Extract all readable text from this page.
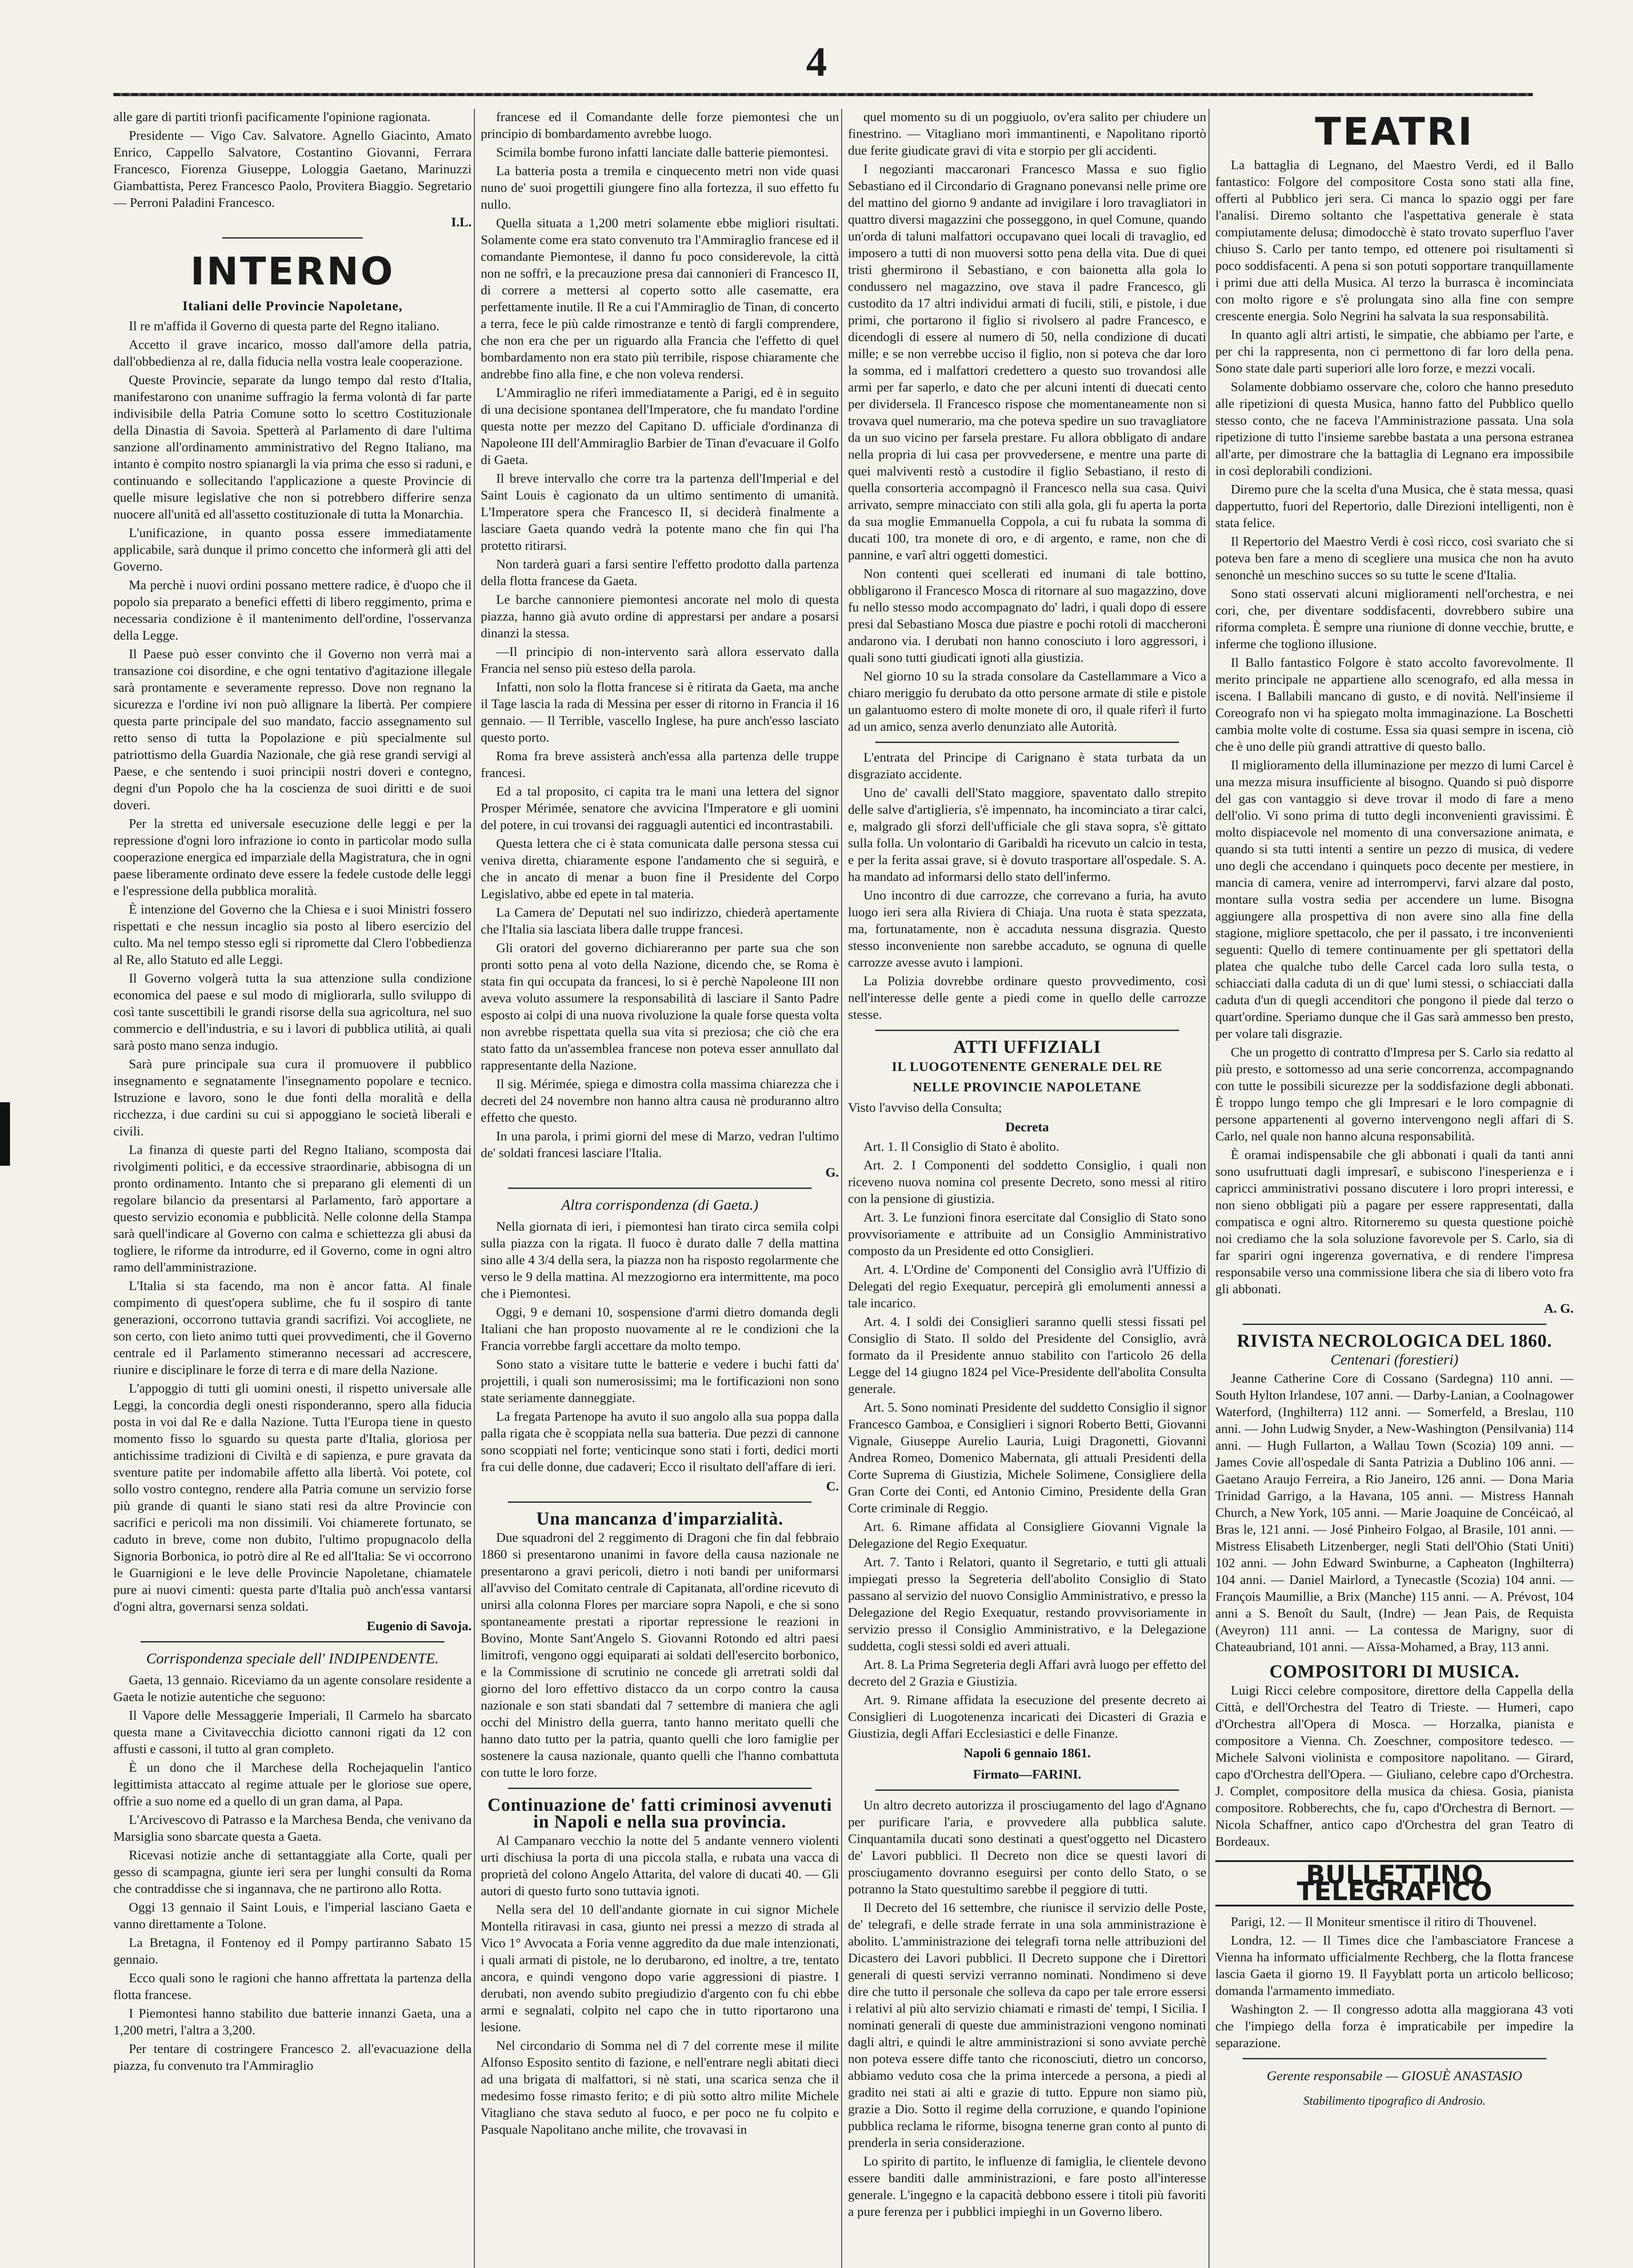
4

alle gare di partiti trionfi pacificamente l'opinione ragionata.

Presidente — Vigo Cav. Salvatore. Agnello Giacinto, Amato Enrico, Cappello Salvatore, Costantino Giovanni, Ferrara Francesco, Fiorenza Giuseppe, Lologgia Gaetano, Marinuzzi Giambattista, Perez Francesco Paolo, Provitera Biaggio. Segretario — Perroni Paladini Francesco.

I.L.
INTERNO
Italiani delle Provincie Napoletane,

Il re m'affida il Governo di questa parte del Regno italiano.

Accetto il grave incarico, mosso dall'amore della patria, dall'obbedienza al re, dalla fiducia nella vostra leale cooperazione.

Queste Provincie, separate da lungo tempo dal resto d'Italia, manifestarono con unanime suffragio la ferma volontà di far parte indivisibile della Patria Comune sotto lo scettro Costituzionale della Dinastia di Savoia. Spetterà al Parlamento di dare l'ultima sanzione all'ordinamento amministrativo del Regno Italiano, ma intanto è compito nostro spianargli la via prima che esso si raduni, e continuando e sollecitando l'applicazione a queste Provincie di quelle misure legislative che non si potrebbero differire senza nuocere all'unità ed all'assetto costituzionale di tutta la Monarchia.

L'unificazione, in quanto possa essere immediatamente applicabile, sarà dunque il primo concetto che informerà gli atti del Governo.

Ma perchè i nuovi ordini possano mettere radice, è d'uopo che il popolo sia preparato a benefici effetti di libero reggimento, prima e necessaria condizione è il mantenimento dell'ordine, l'osservanza della Legge.

Il Paese può esser convinto che il Governo non verrà mai a transazione coi disordine, e che ogni tentativo d'agitazione illegale sarà prontamente e severamente represso. Dove non regnano la sicurezza e l'ordine ivi non può allignare la libertà. Per compiere questa parte principale del suo mandato, faccio assegnamento sul retto senso di tutta la Popolazione e più specialmente sul patriottismo della Guardia Nazionale, che già rese grandi servigi al Paese, e che sentendo i suoi principii nostri doveri e contegno, degni d'un Popolo che ha la coscienza de suoi diritti e de suoi doveri.

Per la stretta ed universale esecuzione delle leggi e per la repressione d'ogni loro infrazione io conto in particolar modo sulla cooperazione energica ed imparziale della Magistratura, che in ogni paese liberamente ordinato deve essere la fedele custode delle leggi e l'espressione della pubblica moralità.

È intenzione del Governo che la Chiesa e i suoi Ministri fossero rispettati e che nessun incaglio sia posto al libero esercizio del culto. Ma nel tempo stesso egli si ripromette dal Clero l'obbedienza al Re, allo Statuto ed alle Leggi.

Il Governo volgerà tutta la sua attenzione sulla condizione economica del paese e sul modo di migliorarla, sullo sviluppo di così tante suscettibili le grandi risorse della sua agricoltura, nel suo commercio e dell'industria, e su i lavori di pubblica utilità, ai quali sarà posto mano senza indugio.

Sarà pure principale sua cura il promuovere il pubblico insegnamento e segnatamente l'insegnamento popolare e tecnico. Istruzione e lavoro, sono le due fonti della moralità e della ricchezza, i due cardini su cui si appoggiano le società liberali e civili.

La finanza di queste parti del Regno Italiano, scomposta dai rivolgimenti politici, e da eccessive straordinarie, abbisogna di un pronto ordinamento. Intanto che si preparano gli elementi di un regolare bilancio da presentarsi al Parlamento, farò apportare a questo servizio economia e pubblicità. Nelle colonne della Stampa sarà quell'indicare al Governo con calma e schiettezza gli abusi da togliere, le riforme da introdurre, ed il Governo, come in ogni altro ramo dell'amministrazione.

L'Italia si sta facendo, ma non è ancor fatta. Al finale compimento di quest'opera sublime, che fu il sospiro di tante generazioni, occorrono tuttavia grandi sacrifizi. Voi accogliete, ne son certo, con lieto animo tutti quei provvedimenti, che il Governo centrale ed il Parlamento stimeranno necessari ad accrescere, riunire e disciplinare le forze di terra e di mare della Nazione.

L'appoggio di tutti gli uomini onesti, il rispetto universale alle Leggi, la concordia degli onesti risponderanno, spero alla fiducia posta in voi dal Re e dalla Nazione. Tutta l'Europa tiene in questo momento fisso lo sguardo su questa parte d'Italia, gloriosa per antichissime tradizioni di Civiltà e di sapienza, e pure gravata da sventure patite per indomabile affetto alla libertà. Voi potete, col sollo vostro contegno, rendere alla Patria comune un servizio forse più grande di quanti le siano stati resi da altre Provincie con sacrifici e pericoli ma non dissimili. Voi chiamerete fortunato, se caduto in breve, come non dubito, l'ultimo propugnacolo della Signoria Borbonica, io potrò dire al Re ed all'Italia: Se vi occorrono le Guarnigioni e le leve delle Provincie Napoletane, chiamatele pure ai nuovi cimenti: questa parte d'Italia può anch'essa vantarsi d'ogni altra, governarsi senza soldati.

Eugenio di Savoja.
Corrispondenza speciale dell' INDIPENDENTE.

Gaeta, 13 gennaio. Riceviamo da un agente consolare residente a Gaeta le notizie autentiche che seguono:

Il Vapore delle Messaggerie Imperiali, Il Carmelo ha sbarcato questa mane a Civitavecchia diciotto cannoni rigati da 12 con affusti e cassoni, il tutto al gran completo.

È un dono che il Marchese della Rochejaquelin l'antico legittimista attaccato al regime attuale per le gloriose sue opere, offrìe a suo nome ed a quello di un gran dama, al Papa.

L'Arcivescovo di Patrasso e la Marchesa Benda, che venivano da Marsiglia sono sbarcate questa a Gaeta.

Ricevasi notizie anche di settantaggiate alla Corte, quali per gesso di scampagna, giunte ieri sera per lunghi consulti da Roma che contraddisse che si ingannava, che ne partirono allo Rotta.

Oggi 13 gennaio il Saint Louis, e l'imperial lasciano Gaeta e vanno direttamente a Tolone.

La Bretagna, il Fontenoy ed il Pompy partiranno Sabato 15 gennaio.

Ecco quali sono le ragioni che hanno affrettata la partenza della flotta francese.

I Piemontesi hanno stabilito due batterie innanzi Gaeta, una a 1,200 metri, l'altra a 3,200.

Per tentare di costringere Francesco 2. all'evacuazione della piazza, fu convenuto tra l'Ammiraglio

francese ed il Comandante delle forze piemontesi che un principio di bombardamento avrebbe luogo.

Scimila bombe furono infatti lanciate dalle batterie piemontesi.

La batteria posta a tremila e cinquecento metri non vide quasi nuno de' suoi progettili giungere fino alla fortezza, il suo effetto fu nullo.

Quella situata a 1,200 metri solamente ebbe migliori risultati. Solamente come era stato convenuto tra l'Ammiraglio francese ed il comandante Piemontese, il danno fu poco considerevole, la città non ne soffrì, e la precauzione presa dai cannonieri di Francesco II, di correre a mettersi al coperto sotto alle casematte, era perfettamente inutile. Il Re a cui l'Ammiraglio de Tinan, di concerto a terra, fece le più calde rimostranze e tentò di fargli comprendere, che non era che per un riguardo alla Francia che l'effetto di quel bombardamento non era stato più terribile, rispose chiaramente che andrebbe fino alla fine, e che non voleva rendersi.

L'Ammiraglio ne riferì immediatamente a Parigi, ed è in seguito di una decisione spontanea dell'Imperatore, che fu mandato l'ordine questa notte per mezzo del Capitano D. ufficiale d'ordinanza di Napoleone III dell'Ammiraglio Barbier de Tinan d'evacuare il Golfo di Gaeta.

Il breve intervallo che corre tra la partenza dell'Imperial e del Saint Louis è cagionato da un ultimo sentimento di umanità. L'Imperatore spera che Francesco II, si deciderà finalmente a lasciare Gaeta quando vedrà la potente mano che fin qui l'ha protetto ritirarsi.

Non tarderà guari a farsi sentire l'effetto prodotto dalla partenza della flotta francese da Gaeta.

Le barche cannoniere piemontesi ancorate nel molo di questa piazza, hanno già avuto ordine di apprestarsi per andare a posarsi dinanzi la stessa.

—Il principio di non-intervento sarà allora esservato dalla Francia nel senso più esteso della parola.

Infatti, non solo la flotta francese si è ritirata da Gaeta, ma anche il Tage lascia la rada di Messina per esser di ritorno in Francia il 16 gennaio. — Il Terrible, vascello Inglese, ha pure anch'esso lasciato questo porto.

Roma fra breve assisterà anch'essa alla partenza delle truppe francesi.

Ed a tal proposito, ci capita tra le mani una lettera del signor Prosper Mérimée, senatore che avvicina l'Imperatore e gli uomini del potere, in cui trovansi dei ragguagli autentici ed incontrastabili.

Questa lettera che ci è stata comunicata dalle persona stessa cui veniva diretta, chiaramente espone l'andamento che si seguirà, e che in ancato di menar a buon fine il Presidente del Corpo Legislativo, abbe ed epete in tal materia.

La Camera de' Deputati nel suo indirizzo, chiederà apertamente che l'Italia sia lasciata libera dalle truppe francesi.

Gli oratori del governo dichiareranno per parte sua che son pronti sotto pena al voto della Nazione, dicendo che, se Roma è stata fin qui occupata da francesi, lo si è perchè Napoleone III non aveva voluto assumere la responsabilità di lasciare il Santo Padre esposto ai colpi di una nuova rivoluzione la quale forse questa volta non avrebbe rispettata quella sua vita si preziosa; che ciò che era stato fatto da un'assemblea francese non poteva esser annullato dal rappresentante della Nazione.

Il sig. Mérimée, spiega e dimostra colla massima chiarezza che i decreti del 24 novembre non hanno altra causa nè produranno altro effetto che questo.

In una parola, i primi giorni del mese di Marzo, vedran l'ultimo de' soldati francesi lasciare l'Italia.

G.
Altra corrispondenza (di Gaeta.)

Nella giornata di ieri, i piemontesi han tirato circa semila colpi sulla piazza con la rigata. Il fuoco è durato dalle 7 della mattina sino alle 4 3/4 della sera, la piazza non ha risposto regolarmente che verso le 9 della mattina. Al mezzogiorno era intermittente, ma poco che i Piemontesi.

Oggi, 9 e demani 10, sospensione d'armi dietro domanda degli Italiani che han proposto nuovamente al re le condizioni che la Francia vorrebbe fargli accettare da molto tempo.

Sono stato a visitare tutte le batterie e vedere i buchi fatti da' projettili, i quali son numerosissimi; ma le fortificazioni non sono state seriamente danneggiate.

La fregata Partenope ha avuto il suo angolo alla sua poppa dalla palla rigata che è scoppiata nella sua batteria. Due pezzi di cannone sono scoppiati nel forte; venticinque sono stati i forti, dedici morti fra cui delle donne, due cadaveri; Ecco il risultato dell'affare di ieri.

C.
Una mancanza d'imparzialità.

Due squadroni del 2 reggimento di Dragoni che fin dal febbraio 1860 si presentarono unanimi in favore della causa nazionale ne presentarono a gravi pericoli, dietro i noti bandi per uniformarsi all'avviso del Comitato centrale di Capitanata, all'ordine ricevuto di unirsi alla colonna Flores per marciare sopra Napoli, e che si sono spontaneamente prestati a riportar repressione le reazioni in Bovino, Monte Sant'Angelo S. Giovanni Rotondo ed altri paesi limitrofi, vengono oggi equiparati ai soldati dell'esercito borbonico, e la Commissione di scrutinio ne concede gli arretrati soldi dal giorno del loro effettivo distacco da un corpo contro la causa nazionale e son stati sbandati dal 7 settembre di maniera che agli occhi del Ministro della guerra, tanto hanno meritato quelli che hanno dato tutto per la patria, quanto quelli che loro famiglie per sostenere la causa nazionale, quanto quelli che l'hanno combattuta con tutte le loro forze.

Continuazione de' fatti criminosi avvenuti in Napoli e nella sua provincia.

Al Campanaro vecchio la notte del 5 andante vennero violenti urti dischiusa la porta di una piccola stalla, e rubata una vacca di proprietà del colono Angelo Attarita, del valore di ducati 40. — Gli autori di questo furto sono tuttavia ignoti.

Nella sera del 10 dell'andante giornate in cui signor Michele Montella ritiravasi in casa, giunto nei pressi a mezzo di strada al Vico 1° Avvocata a Foria venne aggredito da due male intenzionati, i quali armati di pistole, ne lo derubarono, ed inoltre, a tre, tentato ancora, e quindi vengono dopo varie aggressioni di piastre. I derubati, non avendo subito pregiudizio d'argento con fu chi ebbe armi e segnalati, colpito nel capo che in tutto riportarono una lesione.

Nel circondario di Somma nel dì 7 del corrente mese il milite Alfonso Esposito sentito di fazione, e nell'entrare negli abitati dieci ad una brigata di malfattori, si nè stati, una scarica senza che il medesimo fosse rimasto ferito; e di più sotto altro milite Michele Vitagliano che stava seduto al fuoco, e per poco ne fu colpito e Pasquale Napolitano anche milite, che trovavasi in

quel momento su di un poggiuolo, ov'era salito per chiudere un finestrino. — Vitagliano morì immantinenti, e Napolitano riportò due ferite giudicate gravi di vita e storpio per gli accidenti.

I negozianti maccaronari Francesco Massa e suo figlio Sebastiano ed il Circondario di Gragnano ponevansi nelle prime ore del mattino del giorno 9 andante ad invigilare i loro travagliatori in quattro diversi magazzini che posseggono, in quel Comune, quando un'orda di taluni malfattori occupavano quei locali di travaglio, ed imposero a tutti di non muoversi sotto pena della vita. Due di quei tristi ghermirono il Sebastiano, e con baionetta alla gola lo condussero nel magazzino, ove stava il padre Francesco, gli custodito da 17 altri individui armati di fucili, stili, e pistole, i due primi, che portarono il figlio si rivolsero al padre Francesco, e dicendogli di essere al numero di 50, nella condizione di ducati mille; e se non verrebbe ucciso il figlio, non si poteva che dar loro la somma, ed i malfattori credettero a questo suo trovandosi alle armi per far saperlo, e dato che per alcuni intenti di duecati cento per dividersela. Il Francesco rispose che momentaneamente non si trovava quel numerario, ma che poteva spedire un suo travagliatore da un suo vicino per farsela prestare. Fu allora obbligato di andare nella propria di lui casa per provvedersene, e mentre una parte di quei malviventi restò a custodire il figlio Sebastiano, il resto di quella consorteria accompagnò il Francesco nella sua casa. Quivi arrivato, sempre minacciato con stili alla gola, gli fu aperta la porta da sua moglie Emmanuella Coppola, a cui fu rubata la somma di ducati 100, tra monete di oro, e di argento, e rame, non che di pannine, e varî altri oggetti domestici.

Non contenti quei scellerati ed inumani di tale bottino, obbligarono il Francesco Mosca di ritornare al suo magazzino, dove fu nello stesso modo accompagnato do' ladri, i quali dopo di essere presi dal Sebastiano Mosca due piastre e pochi rotoli di maccheroni andarono via. I derubati non hanno conosciuto i loro aggressori, i quali sono tutti giudicati ignoti alla giustizia.

Nel giorno 10 su la strada consolare da Castellammare a Vico a chiaro meriggio fu derubato da otto persone armate di stile e pistole un galantuomo estero di molte monete di oro, il quale riferì il furto ad un amico, senza averlo denunziato alle Autorità.

L'entrata del Principe di Carignano è stata turbata da un disgraziato accidente.

Uno de' cavalli dell'Stato maggiore, spaventato dallo strepito delle salve d'artiglieria, s'è impennato, ha incominciato a tirar calci, e, malgrado gli sforzi dell'ufficiale che gli stava sopra, s'è gittato sulla folla. Un volontario di Garibaldi ha ricevuto un calcio in testa, e per la ferita assai grave, si è dovuto trasportare all'ospedale. S. A. ha mandato ad informarsi dello stato dell'infermo.

Uno incontro di due carrozze, che correvano a furia, ha avuto luogo ieri sera alla Riviera di Chiaja. Una ruota è stata spezzata, ma, fortunatamente, non è accaduta nessuna disgrazia. Questo stesso inconveniente non sarebbe accaduto, se ognuna di quelle carrozze avesse avuto i lampioni.

La Polizia dovrebbe ordinare questo provvedimento, così nell'interesse delle gente a piedi come in quello delle carrozze stesse.

ATTI UFFIZIALI
IL LUOGOTENENTE GENERALE DEL RE
NELLE PROVINCIE NAPOLETANE

Visto l'avviso della Consulta;

Decreta

Art. 1. Il Consiglio di Stato è abolito.

Art. 2. I Componenti del soddetto Consiglio, i quali non riceveno nuova nomina col presente Decreto, sono messi al ritiro con la pensione di giustizia.

Art. 3. Le funzioni finora esercitate dal Consiglio di Stato sono provvisoriamente e attribuite ad un Consiglio Amministrativo composto da un Presidente ed otto Consiglieri.

Art. 4. L'Ordine de' Componenti del Consiglio avrà l'Uffizio di Delegati del regio Exequatur, percepirà gli emolumenti annessi a tale incarico.

Art. 4. I soldi dei Consiglieri saranno quelli stessi fissati pel Consiglio di Stato. Il soldo del Presidente del Consiglio, avrà formato da il Presidente annuo stabilito con l'articolo 26 della Legge del 14 giugno 1824 pel Vice-Presidente dell'abolita Consulta generale.

Art. 5. Sono nominati Presidente del suddetto Consiglio il signor Francesco Gamboa, e Consiglieri i signori Roberto Betti, Giovanni Vignale, Giuseppe Aurelio Lauria, Luigi Dragonetti, Giovanni Andrea Romeo, Domenico Mabernata, gli attuali Presidenti della Corte Suprema di Giustizia, Michele Solimene, Consigliere della Gran Corte dei Conti, ed Antonio Cimino, Presidente della Gran Corte criminale di Reggio.

Art. 6. Rimane affidata al Consigliere Giovanni Vignale la Delegazione del Regio Exequatur.

Art. 7. Tanto i Relatori, quanto il Segretario, e tutti gli attuali impiegati presso la Segreteria dell'abolito Consiglio di Stato passano al servizio del nuovo Consiglio Amministrativo, e presso la Delegazione del Regio Exequatur, restando provvisoriamente in servizio presso il Consiglio Amministrativo, e la Delegazione suddetta, cogli stessi soldi ed averi attuali.

Art. 8. La Prima Segreteria degli Affari avrà luogo per effetto del decreto del 2 Grazia e Giustizia.

Art. 9. Rimane affidata la esecuzione del presente decreto ai Consiglieri di Luogotenenza incaricati dei Dicasteri di Grazia e Giustizia, degli Affari Ecclesiastici e delle Finanze.

Napoli 6 gennaio 1861.
Firmato—FARINI.

Un altro decreto autorizza il prosciugamento del lago d'Agnano per purificare l'aria, e provvedere alla pubblica salute. Cinquantamila ducati sono destinati a quest'oggetto nel Dicastero de' Lavori pubblici. Il Decreto non dice se questi lavori di prosciugamento dovranno eseguirsi per conto dello Stato, o se potranno la Stato questultimo sarebbe il peggiore di tutti.

Il Decreto del 16 settembre, che riunisce il servizio delle Poste, de' telegrafi, e delle strade ferrate in una sola amministrazione è abolito. L'amministrazione dei telegrafi torna nelle attribuzioni del Dicastero dei Lavori pubblici. Il Decreto suppone che i Direttori generali di questi servizi verranno nominati. Nondimeno si deve dire che tutto il personale che solleva da capo per tale errore essersi i relativi al più alto servizio chiamati e rimasti de' tempi, I Sicilia. I nominati generali di queste due amministrazioni vengono nominati dagli altri, e quindi le altre amministrazioni si sono avviate perchè non poteva essere diffe tanto che riconosciuti, dietro un concorso, abbiamo veduto cosa che la prima intercede a persona, a piedi al gradito nei stati ai alti e grazie di tutto. Eppure non siamo più, grazie a Dio. Sotto il regime della corruzione, e quando l'opinione pubblica reclama le riforme, bisogna tenerne gran conto al punto di prenderla in seria considerazione.

Lo spirito di partito, le influenze di famiglia, le clientele devono essere banditi dalle amministrazioni, e fare posto all'interesse generale. L'ingegno e la capacità debbono essere i titoli più favoriti a pure ferenza per i pubblici impieghi in un Governo libero.

TEATRI

La battaglia di Legnano, del Maestro Verdi, ed il Ballo fantastico: Folgore del compositore Costa sono stati alla fine, offerti al Pubblico jeri sera. Ci manca lo spazio oggi per fare l'analisi. Diremo soltanto che l'aspettativa generale è stata compiutamente delusa; dimodocchè è stato trovato superfluo l'aver chiuso S. Carlo per tanto tempo, ed ottenere poi risultamenti sì poco soddisfacenti. A pena si son potuti sopportare tranquillamente i primi due atti della Musica. Al terzo la burrasca è incominciata con molto rigore e s'è prolungata sino alla fine con sempre crescente energia. Solo Negrini ha salvata la sua responsabilità.

In quanto agli altri artisti, le simpatie, che abbiamo per l'arte, e per chi la rappresenta, non ci permettono di far loro della pena. Sono state dale parti superiori alle loro forze, e mezzi vocali.

Solamente dobbiamo osservare che, coloro che hanno preseduto alle ripetizioni di questa Musica, hanno fatto del Pubblico quello stesso conto, che ne faceva l'Amministrazione passata. Una sola ripetizione di tutto l'insieme sarebbe bastata a una persona estranea all'arte, per dimostrare che la battaglia di Legnano era impossibile in così deplorabili condizioni.

Diremo pure che la scelta d'una Musica, che è stata messa, quasi dappertutto, fuori del Repertorio, dalle Direzioni intelligenti, non è stata felice.

Il Repertorio del Maestro Verdi è così ricco, così svariato che si poteva ben fare a meno di scegliere una musica che non ha avuto senonchè un meschino succes so su tutte le scene d'Italia.

Sono stati osservati alcuni miglioramenti nell'orchestra, e nei cori, che, per diventare soddisfacenti, dovrebbero subire una riforma completa. È sempre una riunione di donne vecchie, brutte, e inferme che togliono illusione.

Il Ballo fantastico Folgore è stato accolto favorevolmente. Il merito principale ne appartiene allo scenografo, ed alla messa in iscena. I Ballabili mancano di gusto, e di novità. Nell'insieme il Coreografo non vi ha spiegato molta immaginazione. La Boschetti cambia molte volte di costume. Essa sia quasi sempre in iscena, ciò che è uno delle più grandi attrattive di questo ballo.

Il miglioramento della illuminazione per mezzo di lumi Carcel è una mezza misura insufficiente al bisogno. Quando si può disporre del gas con vantaggio si deve trovar il modo di fare a meno dell'olio. Vi sono prima di tutto degli inconvenienti gravissimi. È molto dispiacevole nel momento di una conversazione animata, e quando si sta tutti intenti a sentire un pezzo di musica, di vedere uno degli che accendano i quinquets poco decente per mestiere, in mancia di camera, venire ad interrompervi, farvi alzare dal posto, montare sulla vostra sedia per accendere un lume. Bisogna aggiungere alla prospettiva di non avere sino alla fine della stagione, migliore spettacolo, che per il passato, i tre inconvenienti seguenti: Quello di temere continuamente per gli spettatori della platea che qualche tubo delle Carcel cada loro sulla testa, o schiacciati dalla caduta di un di que' lumi stessi, o schiacciati dalla caduta d'un di quegli accenditori che pongono il piede dal terzo o quart'ordine. Speriamo dunque che il Gas sarà ammesso ben presto, per volare tali disgrazie.

Che un progetto di contratto d'Impresa per S. Carlo sia redatto al più presto, e sottomesso ad una serie concorrenza, accompagnando con tutte le possibili sicurezze per la soddisfazione degli abbonati. È troppo lungo tempo che gli Impresari e le loro compagnie di persone appartenenti al governo intervengono negli affari di S. Carlo, nel quale non hanno alcuna responsabilità.

È oramai indispensabile che gli abbonati i quali da tanti anni sono usufruttuati dagli impresarî, e subiscono l'inesperienza e i capricci amministrativi possano discutere i loro propri interessi, e non sieno obbligati più a pagare per essere rappresentati, dalla compatisca e ogni altro. Ritorneremo su questa questione poichè noi crediamo che la sola soluzione favorevole per S. Carlo, sia di far spariri ogni ingerenza governativa, e di rendere l'impresa responsabile verso una commissione libera che sia di libero voto fra gli abbonati.

A. G.
RIVISTA NECROLOGICA DEL 1860.
Centenari (forestieri)

Jeanne Catherine Core di Cossano (Sardegna) 110 anni. — South Hylton Irlandese, 107 anni. — Darby-Lanian, a Coolnagower Waterford, (Inghilterra) 112 anni. — Somerfeld, a Breslau, 110 anni. — John Ludwig Snyder, a New-Washington (Pensilvania) 114 anni. — Hugh Fullarton, a Wallau Town (Scozia) 109 anni. — James Covie all'ospedale di Santa Patrizia a Dublino 106 anni. — Gaetano Araujo Ferreira, a Rio Janeiro, 126 anni. — Dona Maria Trinidad Garrigo, a la Havana, 105 anni. — Mistress Hannah Church, a New York, 105 anni. — Marie Joaquine de Concéicaó, al Bras le, 121 anni. — José Pinheiro Folgao, al Brasile, 101 anni. — Mistress Elisabeth Litzenberger, negli Stati dell'Ohio (Stati Uniti) 102 anni. — John Edward Swinburne, a Capheaton (Inghilterra) 104 anni. — Daniel Mairlord, a Tynecastle (Scozia) 104 anni. — François Maumillie, a Brix (Manche) 115 anni. — A. Prévost, 104 anni a S. Benoît du Sault, (Indre) — Jean Pais, de Requista (Aveyron) 111 anni. — La contessa de Marigny, suor di Chateaubriand, 101 anni. — Aïssa-Mohamed, a Bray, 113 anni.

COMPOSITORI DI MUSICA.

Luigi Ricci celebre compositore, direttore della Cappella della Città, e dell'Orchestra del Teatro di Trieste. — Humeri, capo d'Orchestra all'Opera di Mosca. — Horzalka, pianista e compositore a Vienna. Ch. Zoeschner, compositore tedesco. — Michele Salvoni violinista e compositore napolitano. — Girard, capo d'Orchestra dell'Opera. — Giuliano, celebre capo d'Orchestra. J. Complet, compositore della musica da chiesa. Gosia, pianista compositore. Robberechts, che fu, capo d'Orchestra di Bernort. — Nicola Schaffner, antico capo d'Orchestra del gran Teatro di Bordeaux.

BULLETTINO TELEGRAFICO

Parigi, 12. — Il Moniteur smentisce il ritiro di Thouvenel.

Londra, 12. — Il Times dice che l'ambasciatore Francese a Vienna ha informato ufficialmente Rechberg, che la flotta francese lascia Gaeta il giorno 19. Il Fayyblatt porta un articolo bellicoso; domanda l'armamento immediato.

Washington 2. — Il congresso adotta alla maggiorana 43 voti che l'impiego della forza è impraticabile per impedire la separazione.

Gerente responsabile — GIOSUÈ ANASTASIO
Stabilimento tipografico di Androsio.
